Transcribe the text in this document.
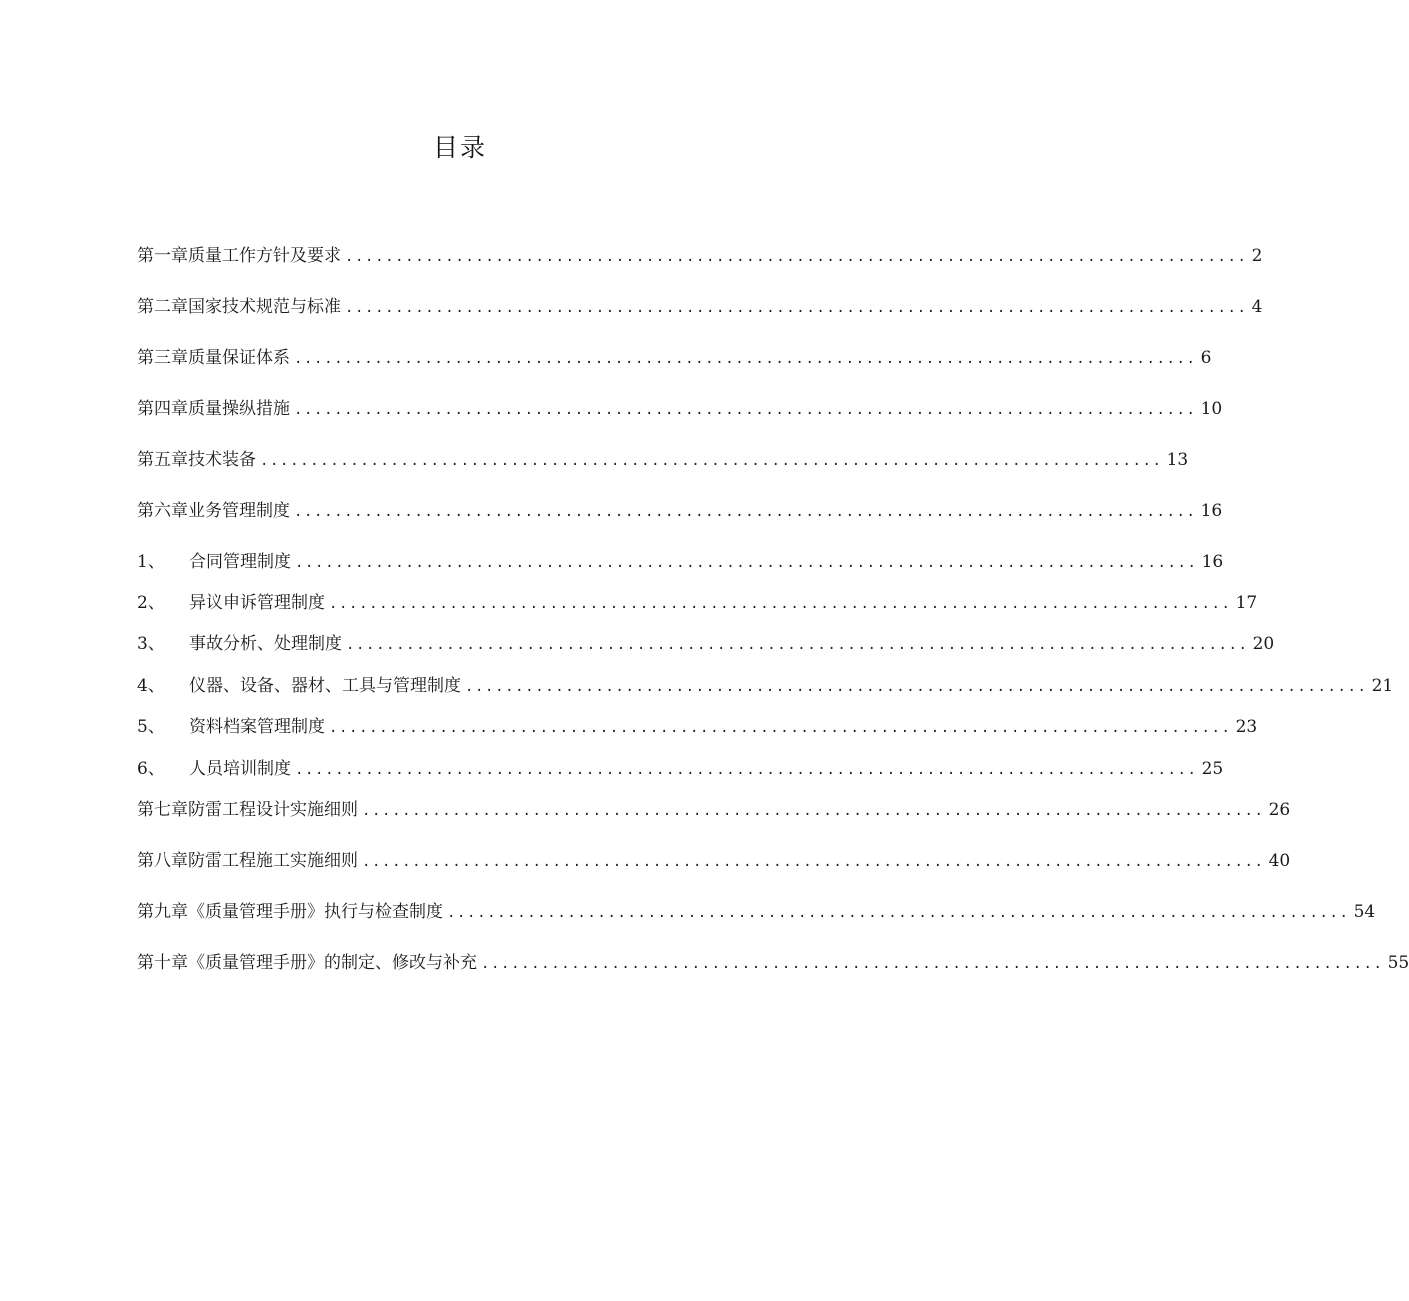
目录
第一章质量工作方针及要求 .......................................................................................... 2
第二章国家技术规范与标准 .......................................................................................... 4
第三章质量保证体系 .......................................................................................... 6
第四章质量操纵措施 .......................................................................................... 10
第五章技术装备 .......................................................................................... 13
第六章业务管理制度 .......................................................................................... 16
1、	合同管理制度 .......................................................................................... 16
2、	异议申诉管理制度 .......................................................................................... 17
3、	事故分析、处理制度 .......................................................................................... 20
4、	仪器、设备、器材、工具与管理制度 .......................................................................................... 21
5、	资料档案管理制度 .......................................................................................... 23
6、	人员培训制度 .......................................................................................... 25
第七章防雷工程设计实施细则 .......................................................................................... 26
第八章防雷工程施工实施细则 .......................................................................................... 40
第九章《质量管理手册》执行与检查制度 .......................................................................................... 54
第十章《质量管理手册》的制定、修改与补充 .......................................................................................... 55
